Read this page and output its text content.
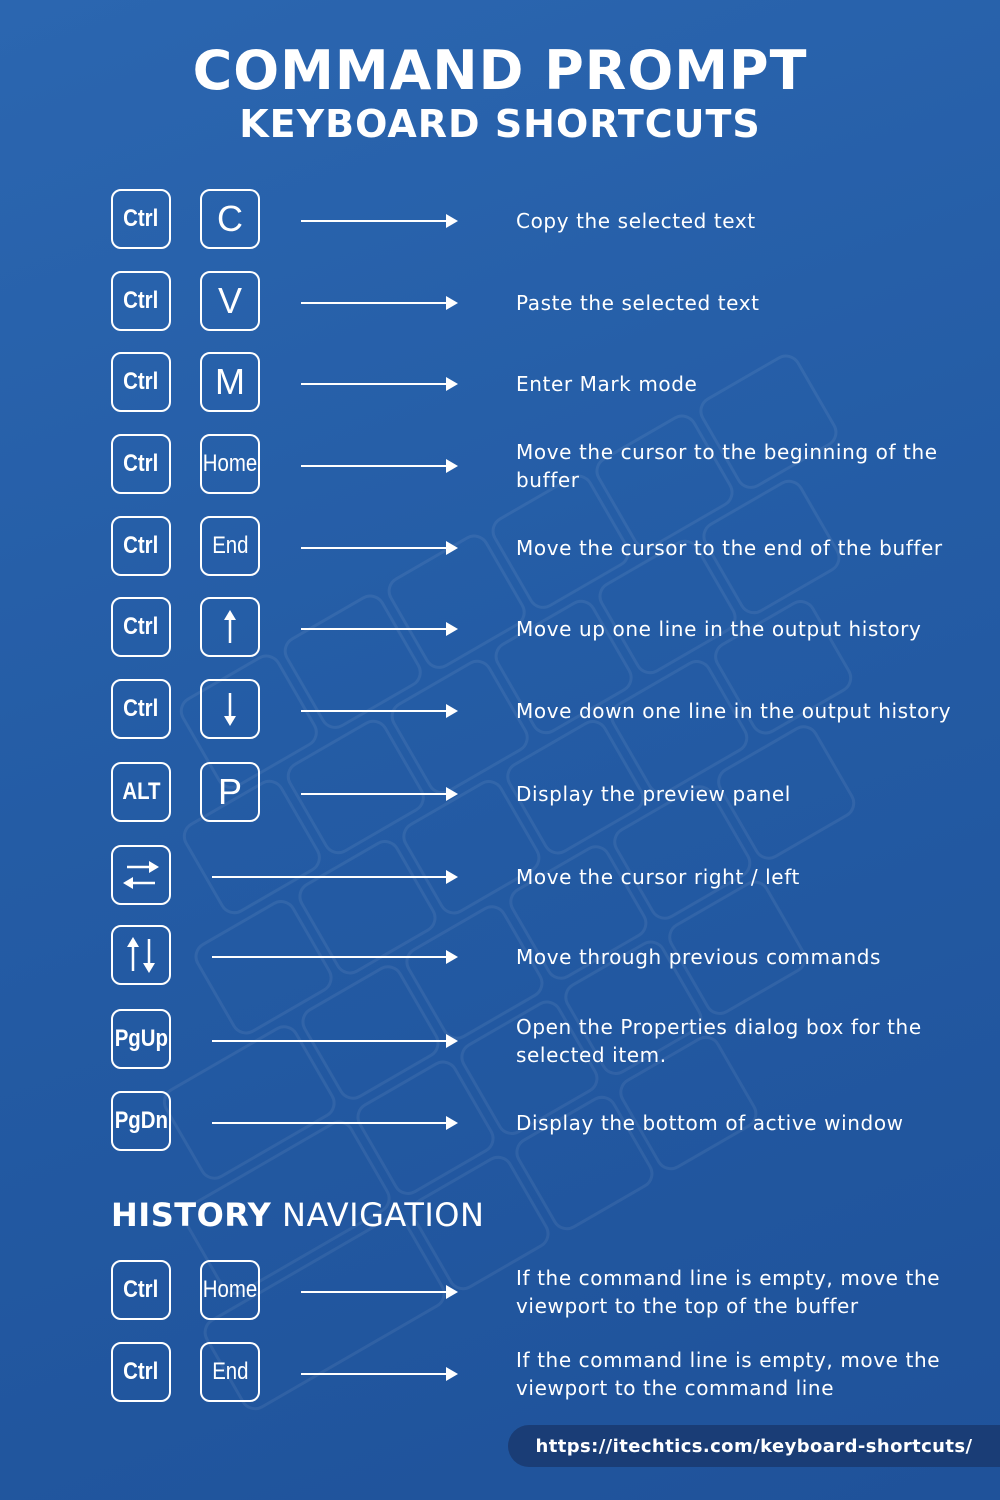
COMMAND PROMPT
KEYBOARD SHORTCUTS
Ctrl C	Copy the selected text
Ctrl V	Paste the selected text
Ctrl M	Enter Mark mode
Ctrl Home	Move the cursor to the beginning of the buffer
Ctrl End	Move the cursor to the end of the buffer
Ctrl	Move up one line in the output history
Ctrl	Move down one line in the output history
ALT P	Display the preview panel
Move the cursor right / left
Move through previous commands
PgUp	Open the Properties dialog box for the selected item.
PgDn	Display the bottom of active window
HISTORY NAVIGATION
Ctrl Home	If the command line is empty, move the viewport to the top of the buffer
Ctrl End	If the command line is empty, move the viewport to the command line
https://itechtics.com/keyboard-shortcuts/
